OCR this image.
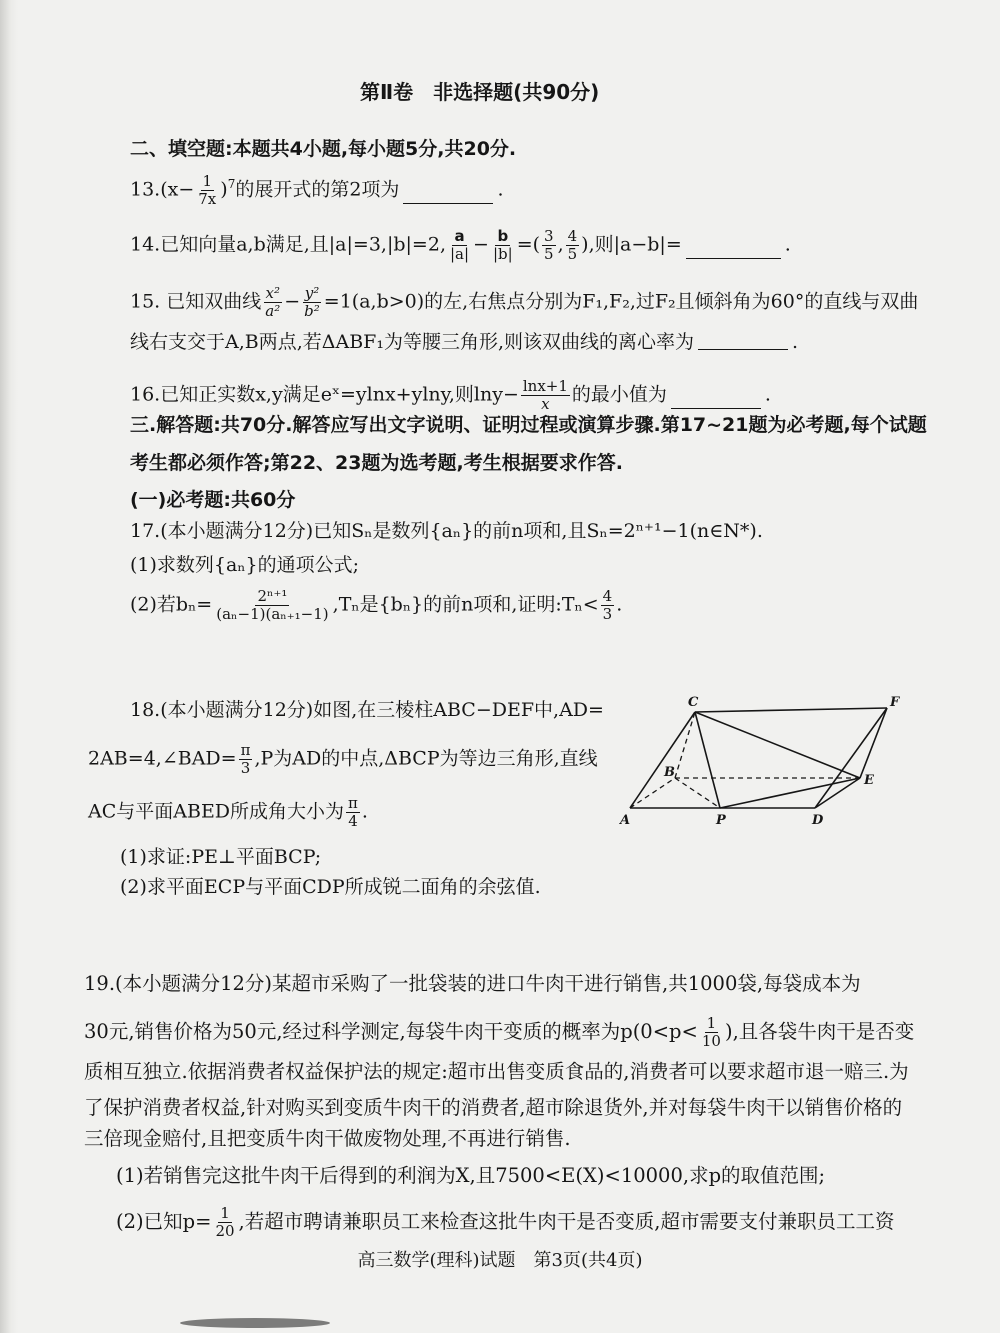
第Ⅱ卷　非选择题(共90分)
二、填空题:本题共4小题,每小题5分,共20分.
$13.(x- \frac{1}{7x} )^7$的展开式的第2项为	.
14.已知向量a,b满足,且|a|=3,|b|=2, $\frac{a}{|a|} - \frac{b}{|b|}$ =( $\frac{3}{5}$ , $\frac{4}{5}$ ),则|a−b|=	.
15. 已知双曲线 $\frac{\text{x²}}{\text{a²}} - \frac{\text{y²}}{\text{b²}} =1(a,b>0)$的左,右焦点分别为F₁,F₂,过F₂且倾斜角为60°的直线与双曲
线右支交于A,B两点,若ΔABF₁为等腰三角形,则该双曲线的离心率为	.
16.已知正实数x,y满足eˣ=ylnx+ylny,则$\ln y- \frac{\ln x+1}{x}$ 的最小值为	.
三.解答题:共70分.解答应写出文字说明、证明过程或演算步骤.第17~21题为必考题,每个试题
考生都必须作答;第22、23题为选考题,考生根据要求作答.
(一)必考题:共60分
17.(本小题满分12分)已知Sₙ是数列{aₙ}的前n项和,且Sₙ=2ⁿ⁺¹−1(n∈N*).
(1)求数列{aₙ}的通项公式;
(2)若$b_n= \frac{\text{2ⁿ⁺¹}}{\text{(aₙ−1)(aₙ₊₁−1)}} ,T_n$是{bₙ}的前n项和,证明:Tₙ< $\frac{4}{3}$ .
18.(本小题满分12分)如图,在三棱柱ABC−DEF中,AD=
2AB=4,∠BAD= $\frac{\pi}{3} ,P$为AD的中点,ΔBCP为等边三角形,直线
AC与平面ABED所成角大小为 $\frac{\pi}{4}$ .
(1)求证:PE⊥平面BCP;
(2)求平面ECP与平面CDP所成锐二面角的余弦值.
C	F
B
E
A	P	D
19.(本小题满分12分)某超市采购了一批袋装的进口牛肉干进行销售,共1000袋,每袋成本为
30元,销售价格为50元,经过科学测定,每袋牛肉干变质的概率为$p(0<p< \frac{1}{10}$ ),且各袋牛肉干是否变
质相互独立.依据消费者权益保护法的规定:超市出售变质食品的,消费者可以要求超市退一赔三.为
了保护消费者权益,针对购买到变质牛肉干的消费者,超市除退货外,并对每袋牛肉干以销售价格的
三倍现金赔付,且把变质牛肉干做废物处理,不再进行销售.
(1)若销售完这批牛肉干后得到的利润为X,且7500<E(X)<10000,求p的取值范围;
(2)已知$p= \frac{1}{20}$ ,若超市聘请兼职员工来检查这批牛肉干是否变质,超市需要支付兼职员工工资
高三数学(理科)试题　第3页(共4页)
